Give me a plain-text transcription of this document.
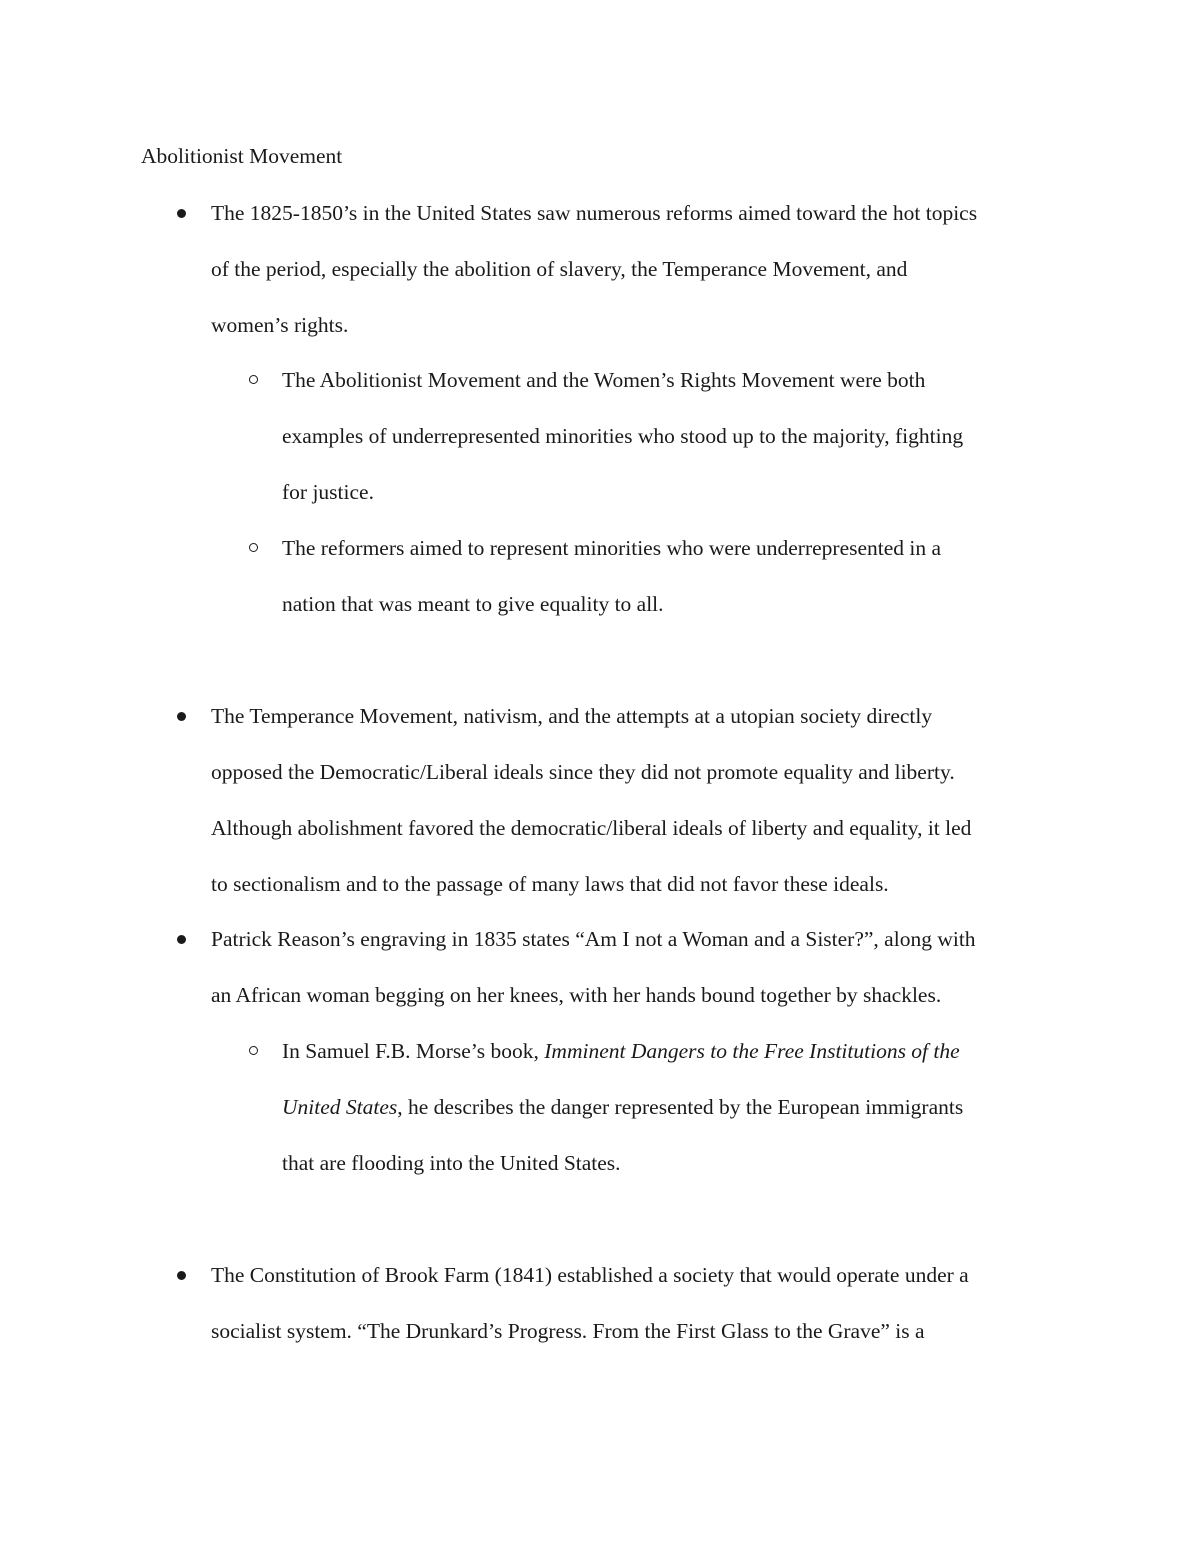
Abolitionist Movement
The 1825-1850’s in the United States saw numerous reforms aimed toward the hot topics
of the period, especially the abolition of slavery, the Temperance Movement, and
women’s rights.
The Abolitionist Movement and the Women’s Rights Movement were both
examples of underrepresented minorities who stood up to the majority, fighting
for justice.
The reformers aimed to represent minorities who were underrepresented in a
nation that was meant to give equality to all.
The Temperance Movement, nativism, and the attempts at a utopian society directly
opposed the Democratic/Liberal ideals since they did not promote equality and liberty.
Although abolishment favored the democratic/liberal ideals of liberty and equality, it led
to sectionalism and to the passage of many laws that did not favor these ideals.
Patrick Reason’s engraving in 1835 states “Am I not a Woman and a Sister?”, along with
an African woman begging on her knees, with her hands bound together by shackles.
In Samuel F.B. Morse’s book, Imminent Dangers to the Free Institutions of the
United States, he describes the danger represented by the European immigrants
that are flooding into the United States.
The Constitution of Brook Farm (1841) established a society that would operate under a
socialist system. “The Drunkard’s Progress. From the First Glass to the Grave” is a
